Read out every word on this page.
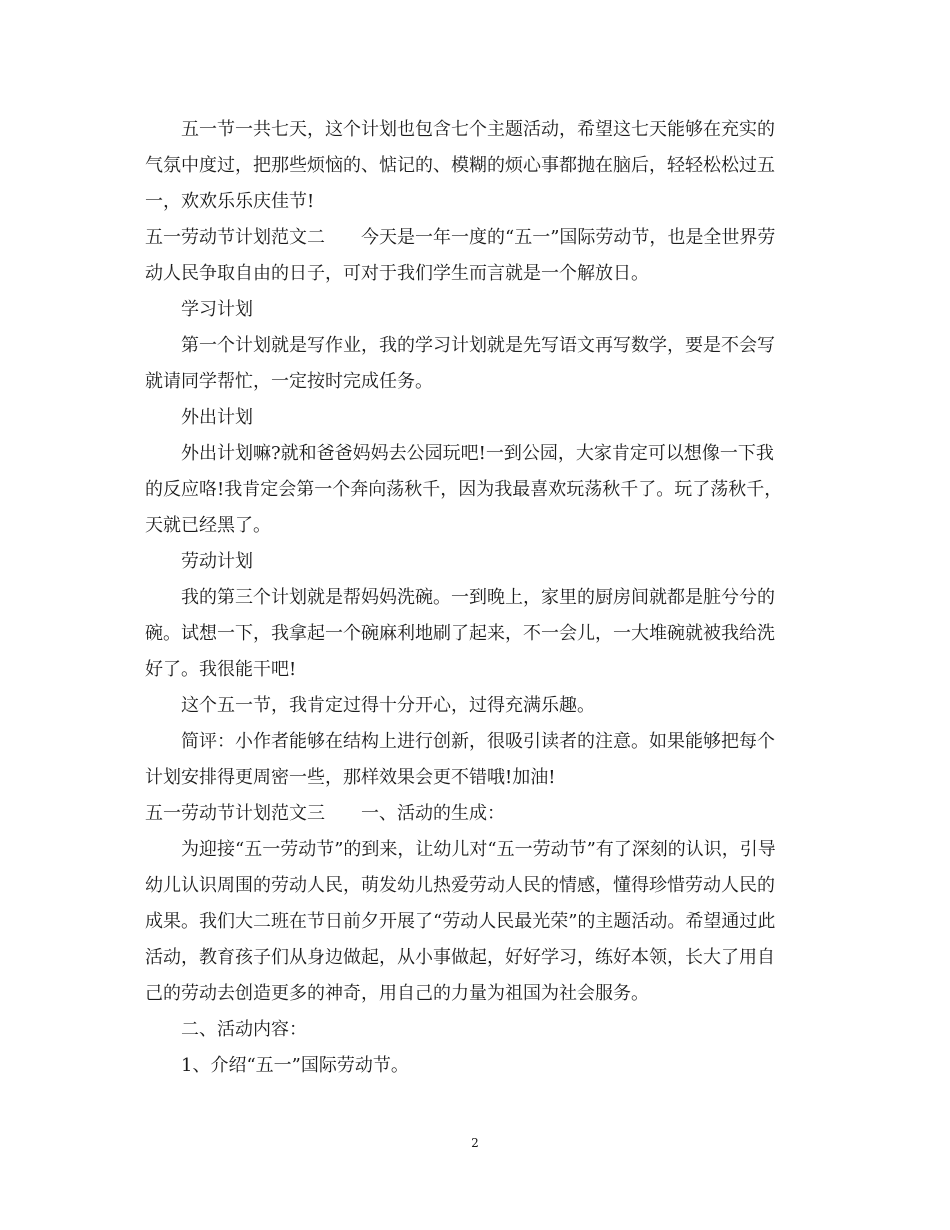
五一节一共七天，这个计划也包含七个主题活动，希望这七天能够在充实的
气氛中度过，把那些烦恼的、惦记的、模糊的烦心事都抛在脑后，轻轻松松过五
一，欢欢乐乐庆佳节!
五一劳动节计划范文二　　今天是一年一度的“五一”国际劳动节，也是全世界劳
动人民争取自由的日子，可对于我们学生而言就是一个解放日。
学习计划
第一个计划就是写作业，我的学习计划就是先写语文再写数学，要是不会写
就请同学帮忙，一定按时完成任务。
外出计划
外出计划嘛?就和爸爸妈妈去公园玩吧!一到公园，大家肯定可以想像一下我
的反应咯!我肯定会第一个奔向荡秋千，因为我最喜欢玩荡秋千了。玩了荡秋千，
天就已经黑了。
劳动计划
我的第三个计划就是帮妈妈洗碗。一到晚上，家里的厨房间就都是脏兮兮的
碗。试想一下，我拿起一个碗麻利地刷了起来，不一会儿，一大堆碗就被我给洗
好了。我很能干吧!
这个五一节，我肯定过得十分开心，过得充满乐趣。
简评：小作者能够在结构上进行创新，很吸引读者的注意。如果能够把每个
计划安排得更周密一些，那样效果会更不错哦!加油!
五一劳动节计划范文三　　一、活动的生成：
为迎接“五一劳动节”的到来，让幼儿对“五一劳动节”有了深刻的认识，引导
幼儿认识周围的劳动人民，萌发幼儿热爱劳动人民的情感，懂得珍惜劳动人民的
成果。我们大二班在节日前夕开展了“劳动人民最光荣”的主题活动。希望通过此
活动，教育孩子们从身边做起，从小事做起，好好学习，练好本领，长大了用自
己的劳动去创造更多的神奇，用自己的力量为祖国为社会服务。
二、活动内容：
1、介绍“五一”国际劳动节。
2
